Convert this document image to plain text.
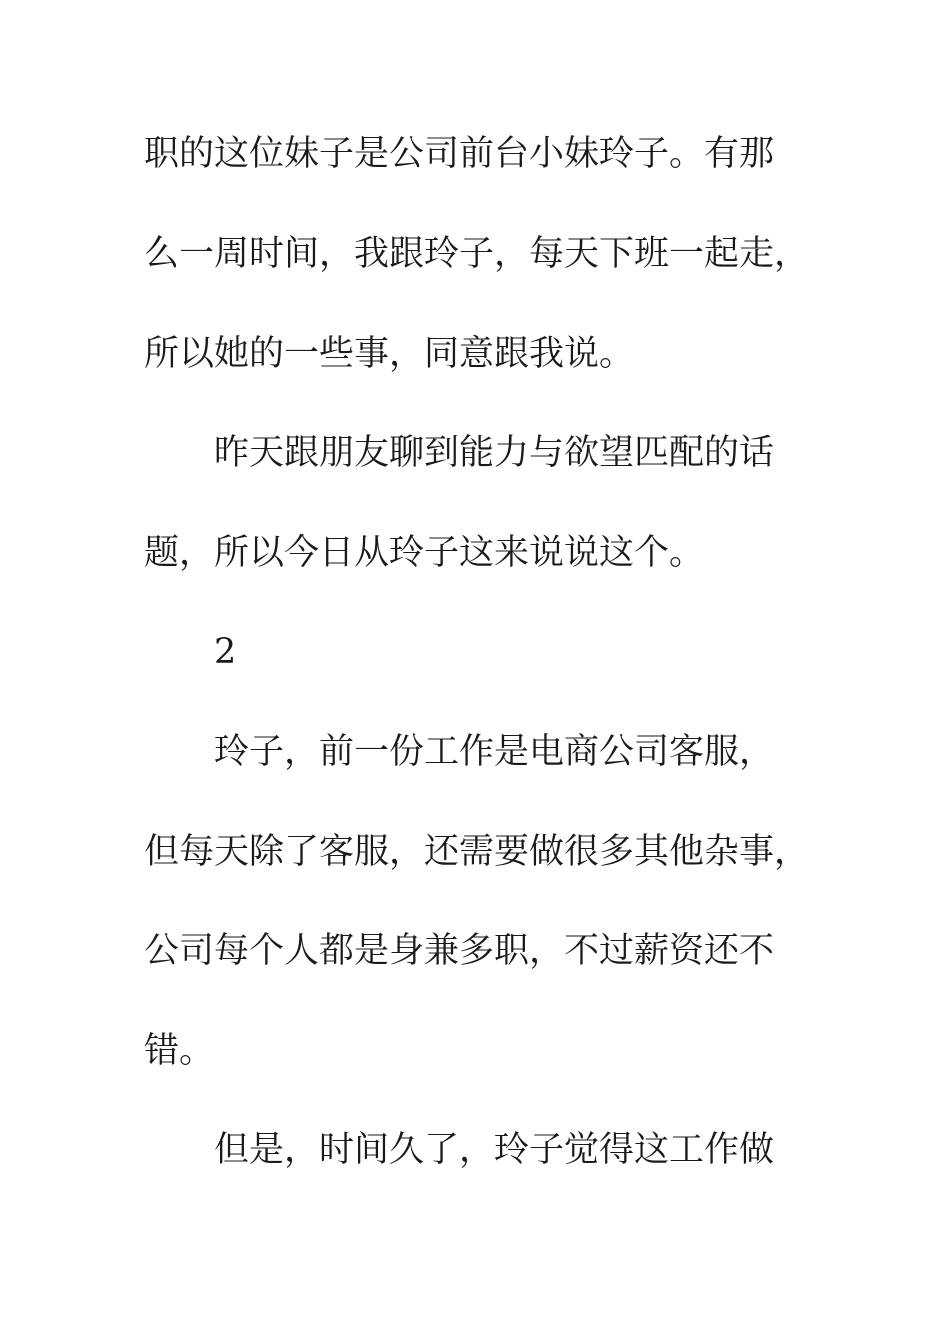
职的这位妹子是公司前台小妹玲子。有那

么一周时间，我跟玲子，每天下班一起走，

所以她的一些事，同意跟我说。

昨天跟朋友聊到能力与欲望匹配的话

题，所以今日从玲子这来说说这个。

2

玲子，前一份工作是电商公司客服，

但每天除了客服，还需要做很多其他杂事，

公司每个人都是身兼多职，不过薪资还不

错。

但是，时间久了，玲子觉得这工作做
